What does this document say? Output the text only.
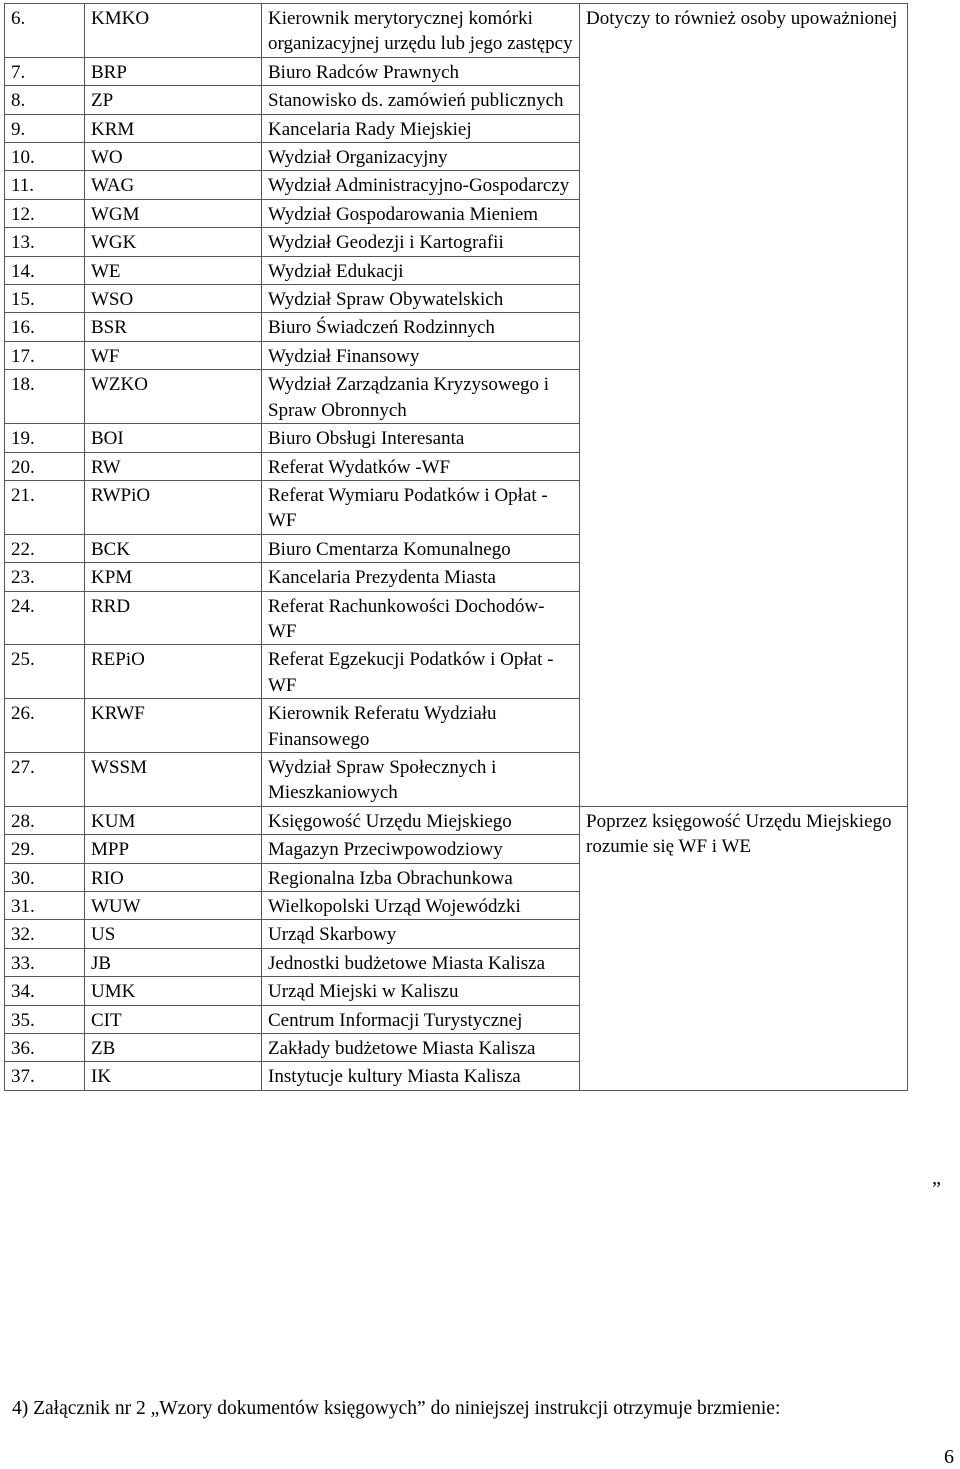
6.	KMKO	Kierownik merytorycznej komórki organizacyjnej urzędu lub jego zastępcy	Dotyczy to również osoby upoważnionej
7.	BRP	Biuro Radców Prawnych	
8.	ZP	Stanowisko ds. zamówień publicznych	
9.	KRM	Kancelaria Rady Miejskiej	
10.	WO	Wydział Organizacyjny	
11.	WAG	Wydział Administracyjno-Gospodarczy	
12.	WGM	Wydział Gospodarowania Mieniem	
13.	WGK	Wydział Geodezji i Kartografii	
14.	WE	Wydział Edukacji	
15.	WSO	Wydział Spraw Obywatelskich	
16.	BSR	Biuro Świadczeń Rodzinnych	
17.	WF	Wydział Finansowy	
18.	WZKO	Wydział Zarządzania Kryzysowego i Spraw Obronnych	
19.	BOI	Biuro Obsługi Interesanta	
20.	RW	Referat Wydatków -WF	
21.	RWPiO	Referat Wymiaru Podatków i Opłat -WF	
22.	BCK	Biuro Cmentarza Komunalnego	
23.	KPM	Kancelaria Prezydenta Miasta	
24.	RRD	Referat Rachunkowości Dochodów- WF	
25.	REPiO	Referat Egzekucji Podatków i Opłat -WF	
26.	KRWF	Kierownik Referatu Wydziału Finansowego	
27.	WSSM	Wydział Spraw Społecznych i Mieszkaniowych	
28.	KUM	Księgowość Urzędu Miejskiego	Poprzez księgowość Urzędu Miejskiego rozumie się WF i WE
29.	MPP	Magazyn Przeciwpowodziowy	
30.	RIO	Regionalna Izba Obrachunkowa	
31.	WUW	Wielkopolski Urząd Wojewódzki	
32.	US	Urząd Skarbowy	
33.	JB	Jednostki budżetowe Miasta Kalisza	
34.	UMK	Urząd Miejski w Kaliszu	
35.	CIT	Centrum Informacji Turystycznej	
36.	ZB	Zakłady budżetowe Miasta Kalisza	
37.	IK	Instytucje kultury Miasta Kalisza	
”
4) Załącznik nr 2 „Wzory dokumentów księgowych” do niniejszej instrukcji otrzymuje brzmienie:
6
